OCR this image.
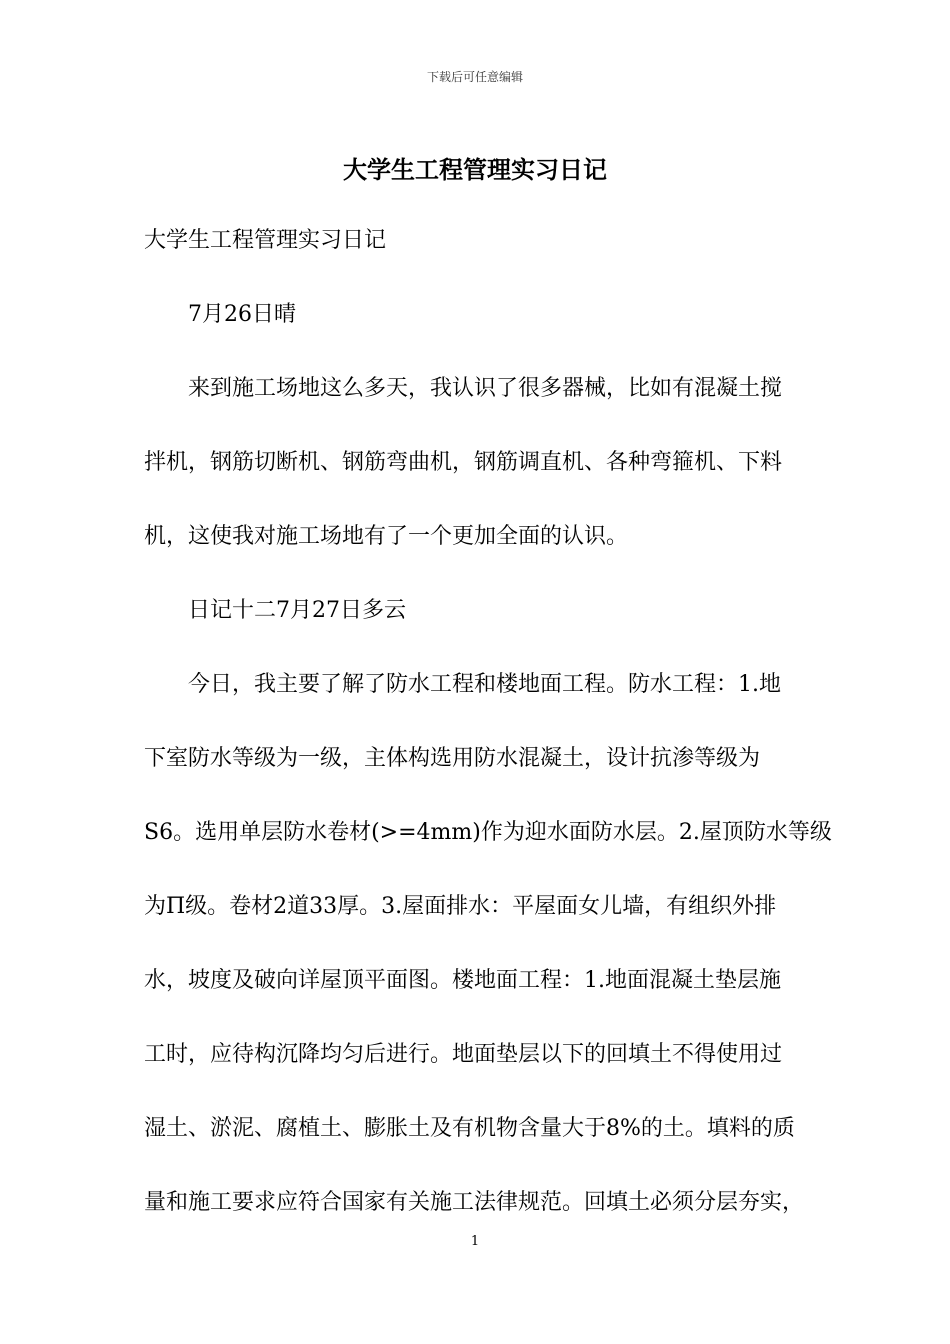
下载后可任意编辑
大学生工程管理实习日记
大学生工程管理实习日记
7月26日晴
来到施工场地这么多天，我认识了很多器械，比如有混凝土搅
拌机，钢筋切断机、钢筋弯曲机，钢筋调直机、各种弯箍机、下料
机，这使我对施工场地有了一个更加全面的认识。
日记十二7月27日多云
今日，我主要了解了防水工程和楼地面工程。防水工程：1.地
下室防水等级为一级，主体构选用防水混凝土，设计抗渗等级为
S6。选用单层防水卷材(>=4mm)作为迎水面防水层。2.屋顶防水等级
为Π级。卷材2道33厚。3.屋面排水：平屋面女儿墙，有组织外排
水，坡度及破向详屋顶平面图。楼地面工程：1.地面混凝土垫层施
工时，应待构沉降均匀后进行。地面垫层以下的回填土不得使用过
湿土、淤泥、腐植土、膨胀土及有机物含量大于8%的土。填料的质
量和施工要求应符合国家有关施工法律规范。回填土必须分层夯实，
1
